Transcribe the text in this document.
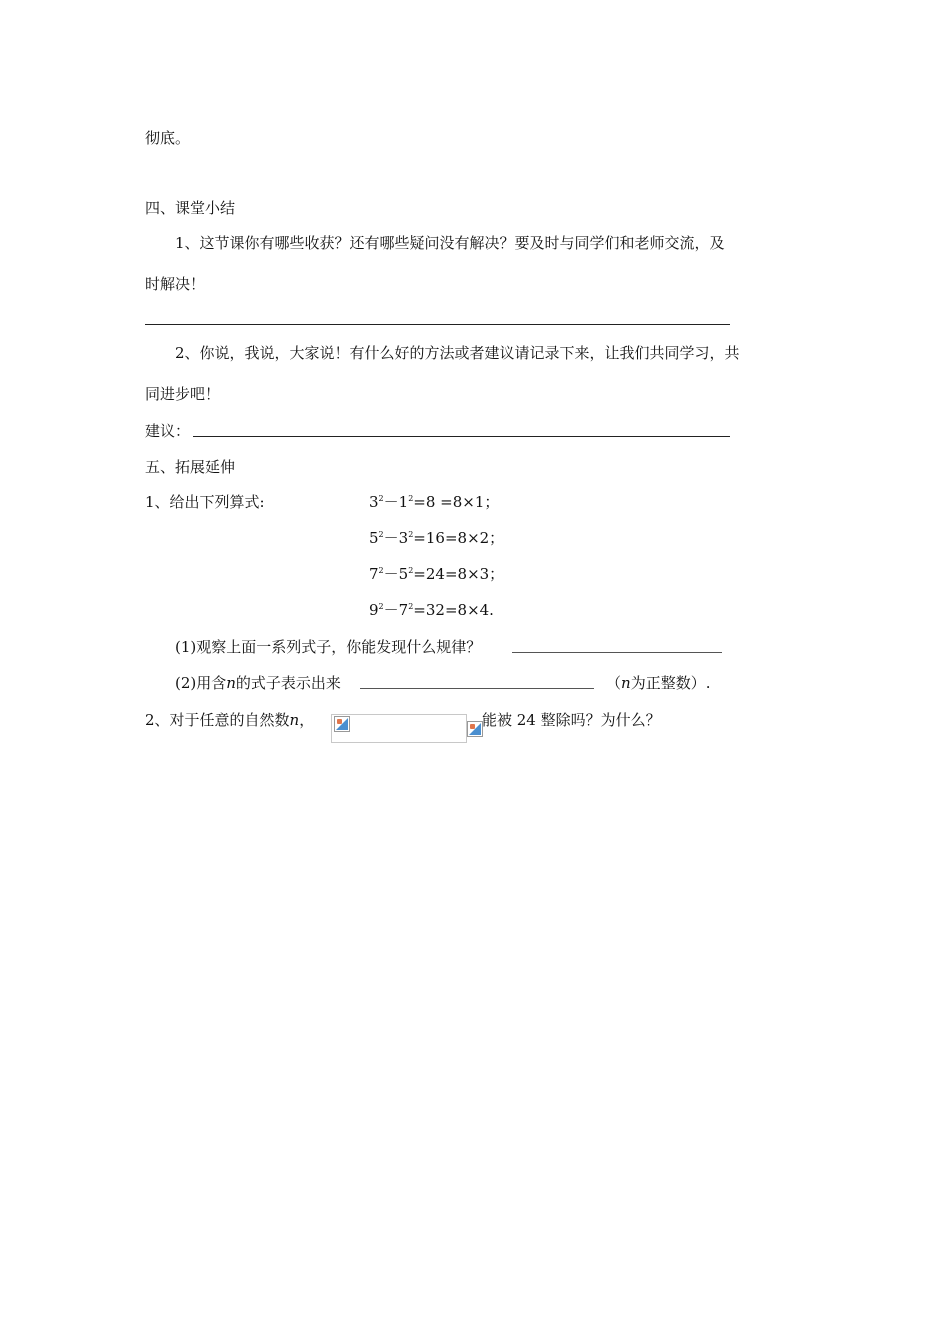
彻底。
四、课堂小结
1、这节课你有哪些收获？还有哪些疑问没有解决？要及时与同学们和老师交流，及
时解决！
2、你说，我说，大家说！有什么好的方法或者建议请记录下来，让我们共同学习，共
同进步吧！
建议：
五、拓展延伸
1、给出下列算式:	$3^2-1^2=8 =8\times 1$；
$5^2-3^2=16=8\times 2$；
$7^2-5^2=24=8\times 3$；
$9^2-7^2=32=8\times 4$.
(1)观察上面一系列式子，你能发现什么规律？
(2)用含n的式子表示出来	（n为正整数）.
2、对于任意的自然数n，	能被 24 整除吗？为什么？
